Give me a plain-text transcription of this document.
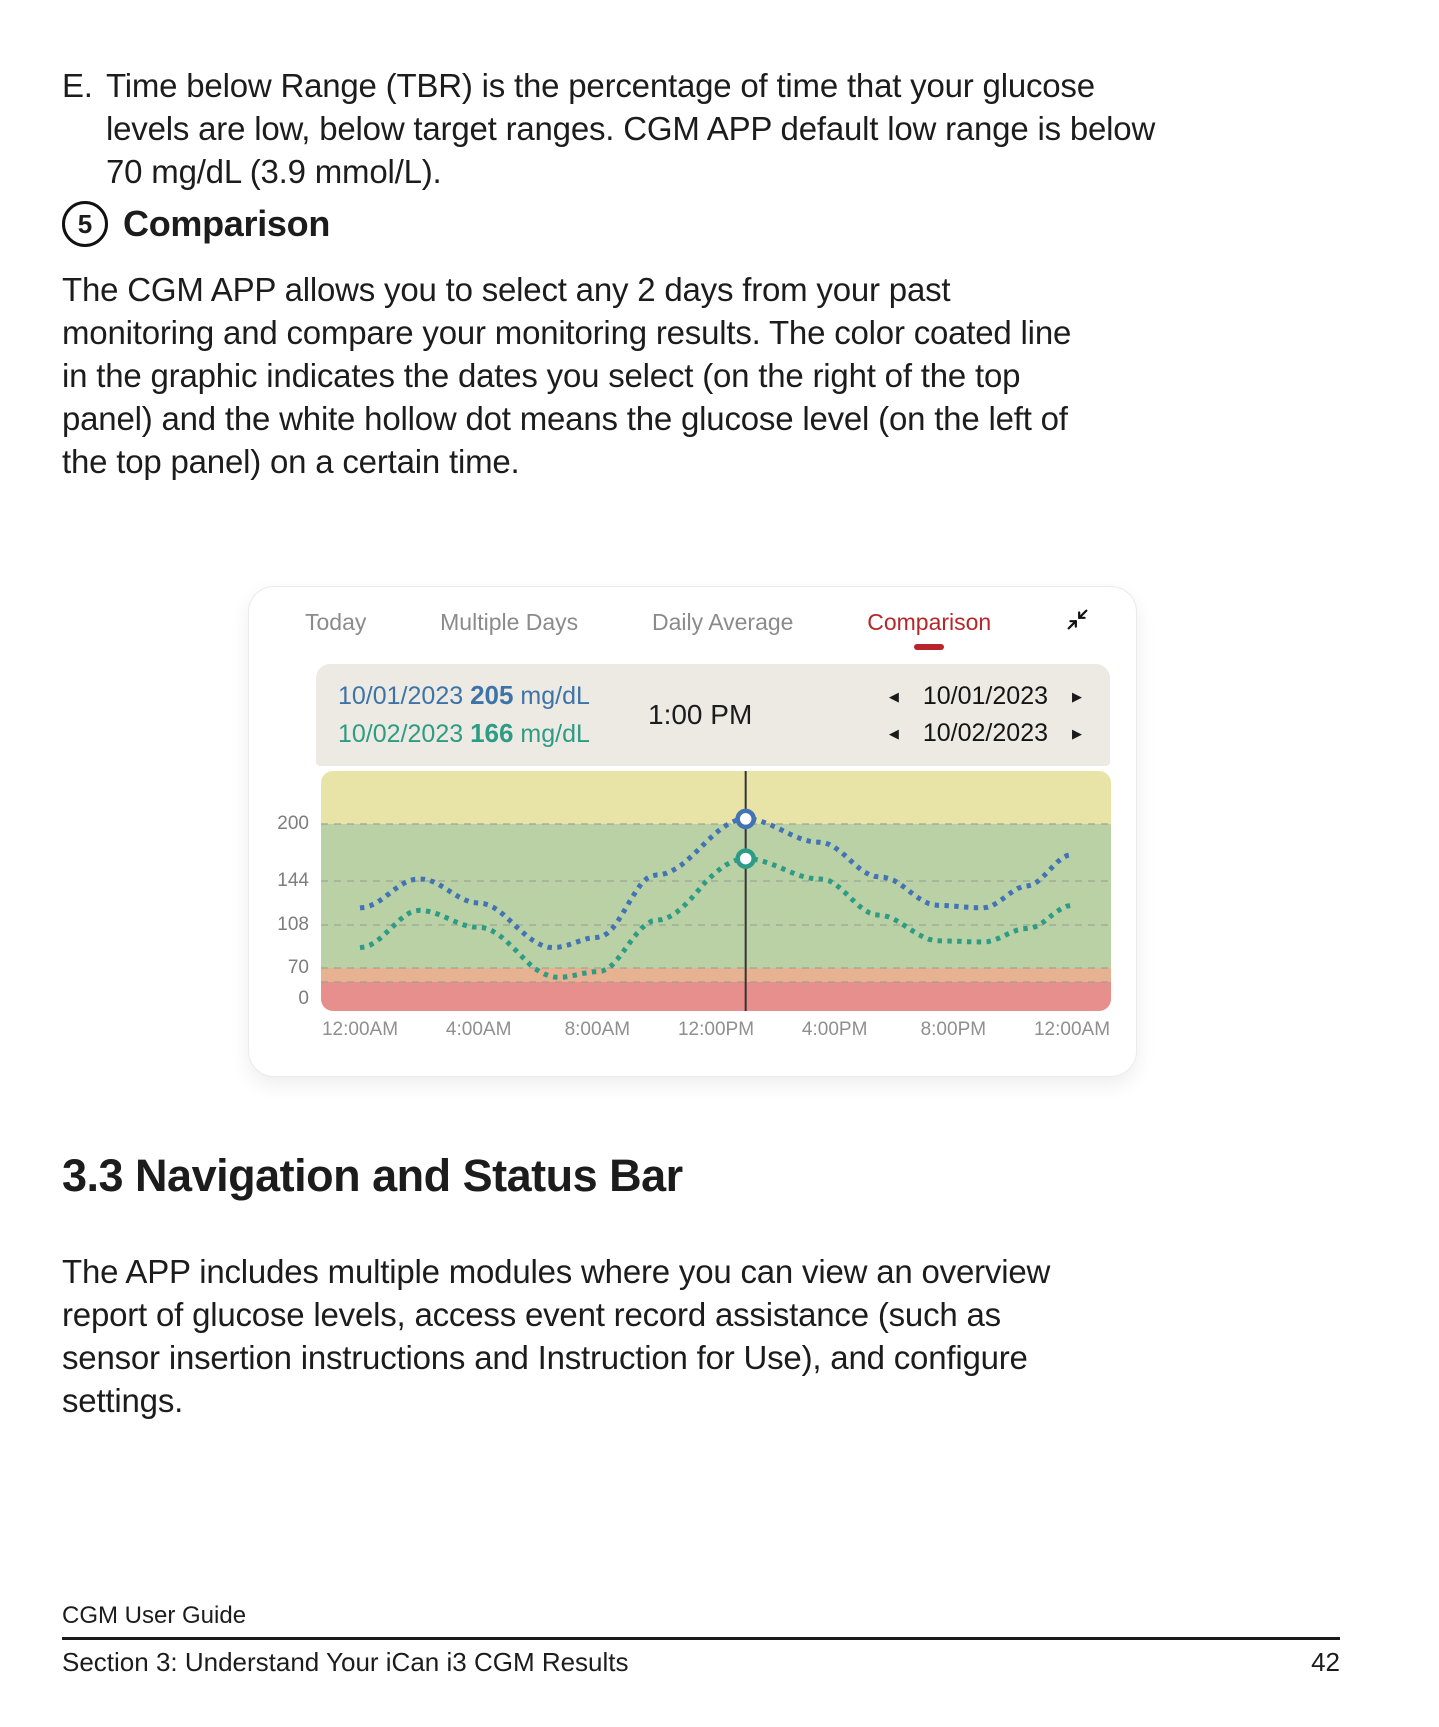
E. Time below Range (TBR) is the percentage of time that your glucose
levels are low, below target ranges. CGM APP default low range is below
70 mg/dL (3.9 mmol/L).
5 Comparison
The CGM APP allows you to select any 2 days from your past
monitoring and compare your monitoring results. The color coated line
in the graphic indicates the dates you select (on the right of the top
panel) and the white hollow dot means the glucose level (on the left of
the top panel) on a certain time.
Today	Multiple Days	Daily Average	Comparison
10/01/2023 205 mg/dL
10/02/2023 166 mg/dL
1:00 PM
◀ 10/01/2023 ▶
◀ 10/02/2023 ▶
200
144
108
70
0
12:00AM	4:00AM	8:00AM	12:00PM	4:00PM	8:00PM	12:00AM
3.3 Navigation and Status Bar
The APP includes multiple modules where you can view an overview
report of glucose levels, access event record assistance (such as
sensor insertion instructions and Instruction for Use), and configure
settings.
CGM User Guide
Section 3: Understand Your iCan i3 CGM Results	42
